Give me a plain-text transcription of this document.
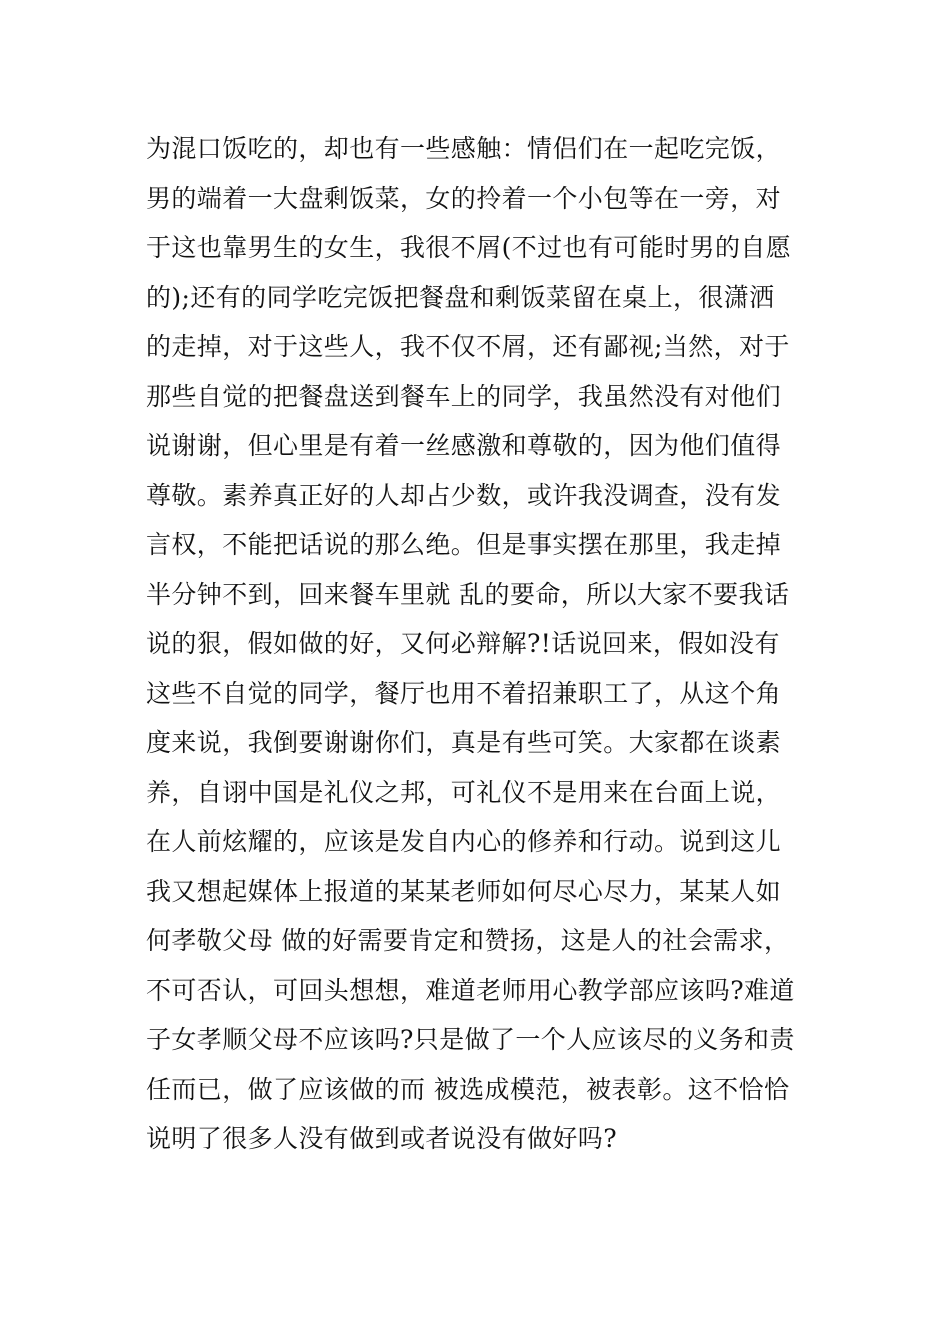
为混口饭吃的，却也有一些感触：情侣们在一起吃完饭，
男的端着一大盘剩饭菜，女的拎着一个小包等在一旁，对
于这也靠男生的女生，我很不屑(不过也有可能时男的自愿
的);还有的同学吃完饭把餐盘和剩饭菜留在桌上，很潇洒
的走掉，对于这些人，我不仅不屑，还有鄙视;当然，对于
那些自觉的把餐盘送到餐车上的同学，我虽然没有对他们
说谢谢，但心里是有着一丝感激和尊敬的，因为他们值得
尊敬。素养真正好的人却占少数，或许我没调查，没有发
言权，不能把话说的那么绝。但是事实摆在那里，我走掉
半分钟不到，回来餐车里就 乱的要命，所以大家不要我话
说的狠，假如做的好，又何必辩解?!话说回来，假如没有
这些不自觉的同学，餐厅也用不着招兼职工了，从这个角
度来说，我倒要谢谢你们，真是有些可笑。大家都在谈素
养，自诩中国是礼仪之邦，可礼仪不是用来在台面上说，
在人前炫耀的，应该是发自内心的修养和行动。说到这儿
我又想起媒体上报道的某某老师如何尽心尽力，某某人如
何孝敬父母 做的好需要肯定和赞扬，这是人的社会需求，
不可否认，可回头想想，难道老师用心教学部应该吗?难道
子女孝顺父母不应该吗?只是做了一个人应该尽的义务和责
任而已，做了应该做的而 被选成模范，被表彰。这不恰恰
说明了很多人没有做到或者说没有做好吗?
